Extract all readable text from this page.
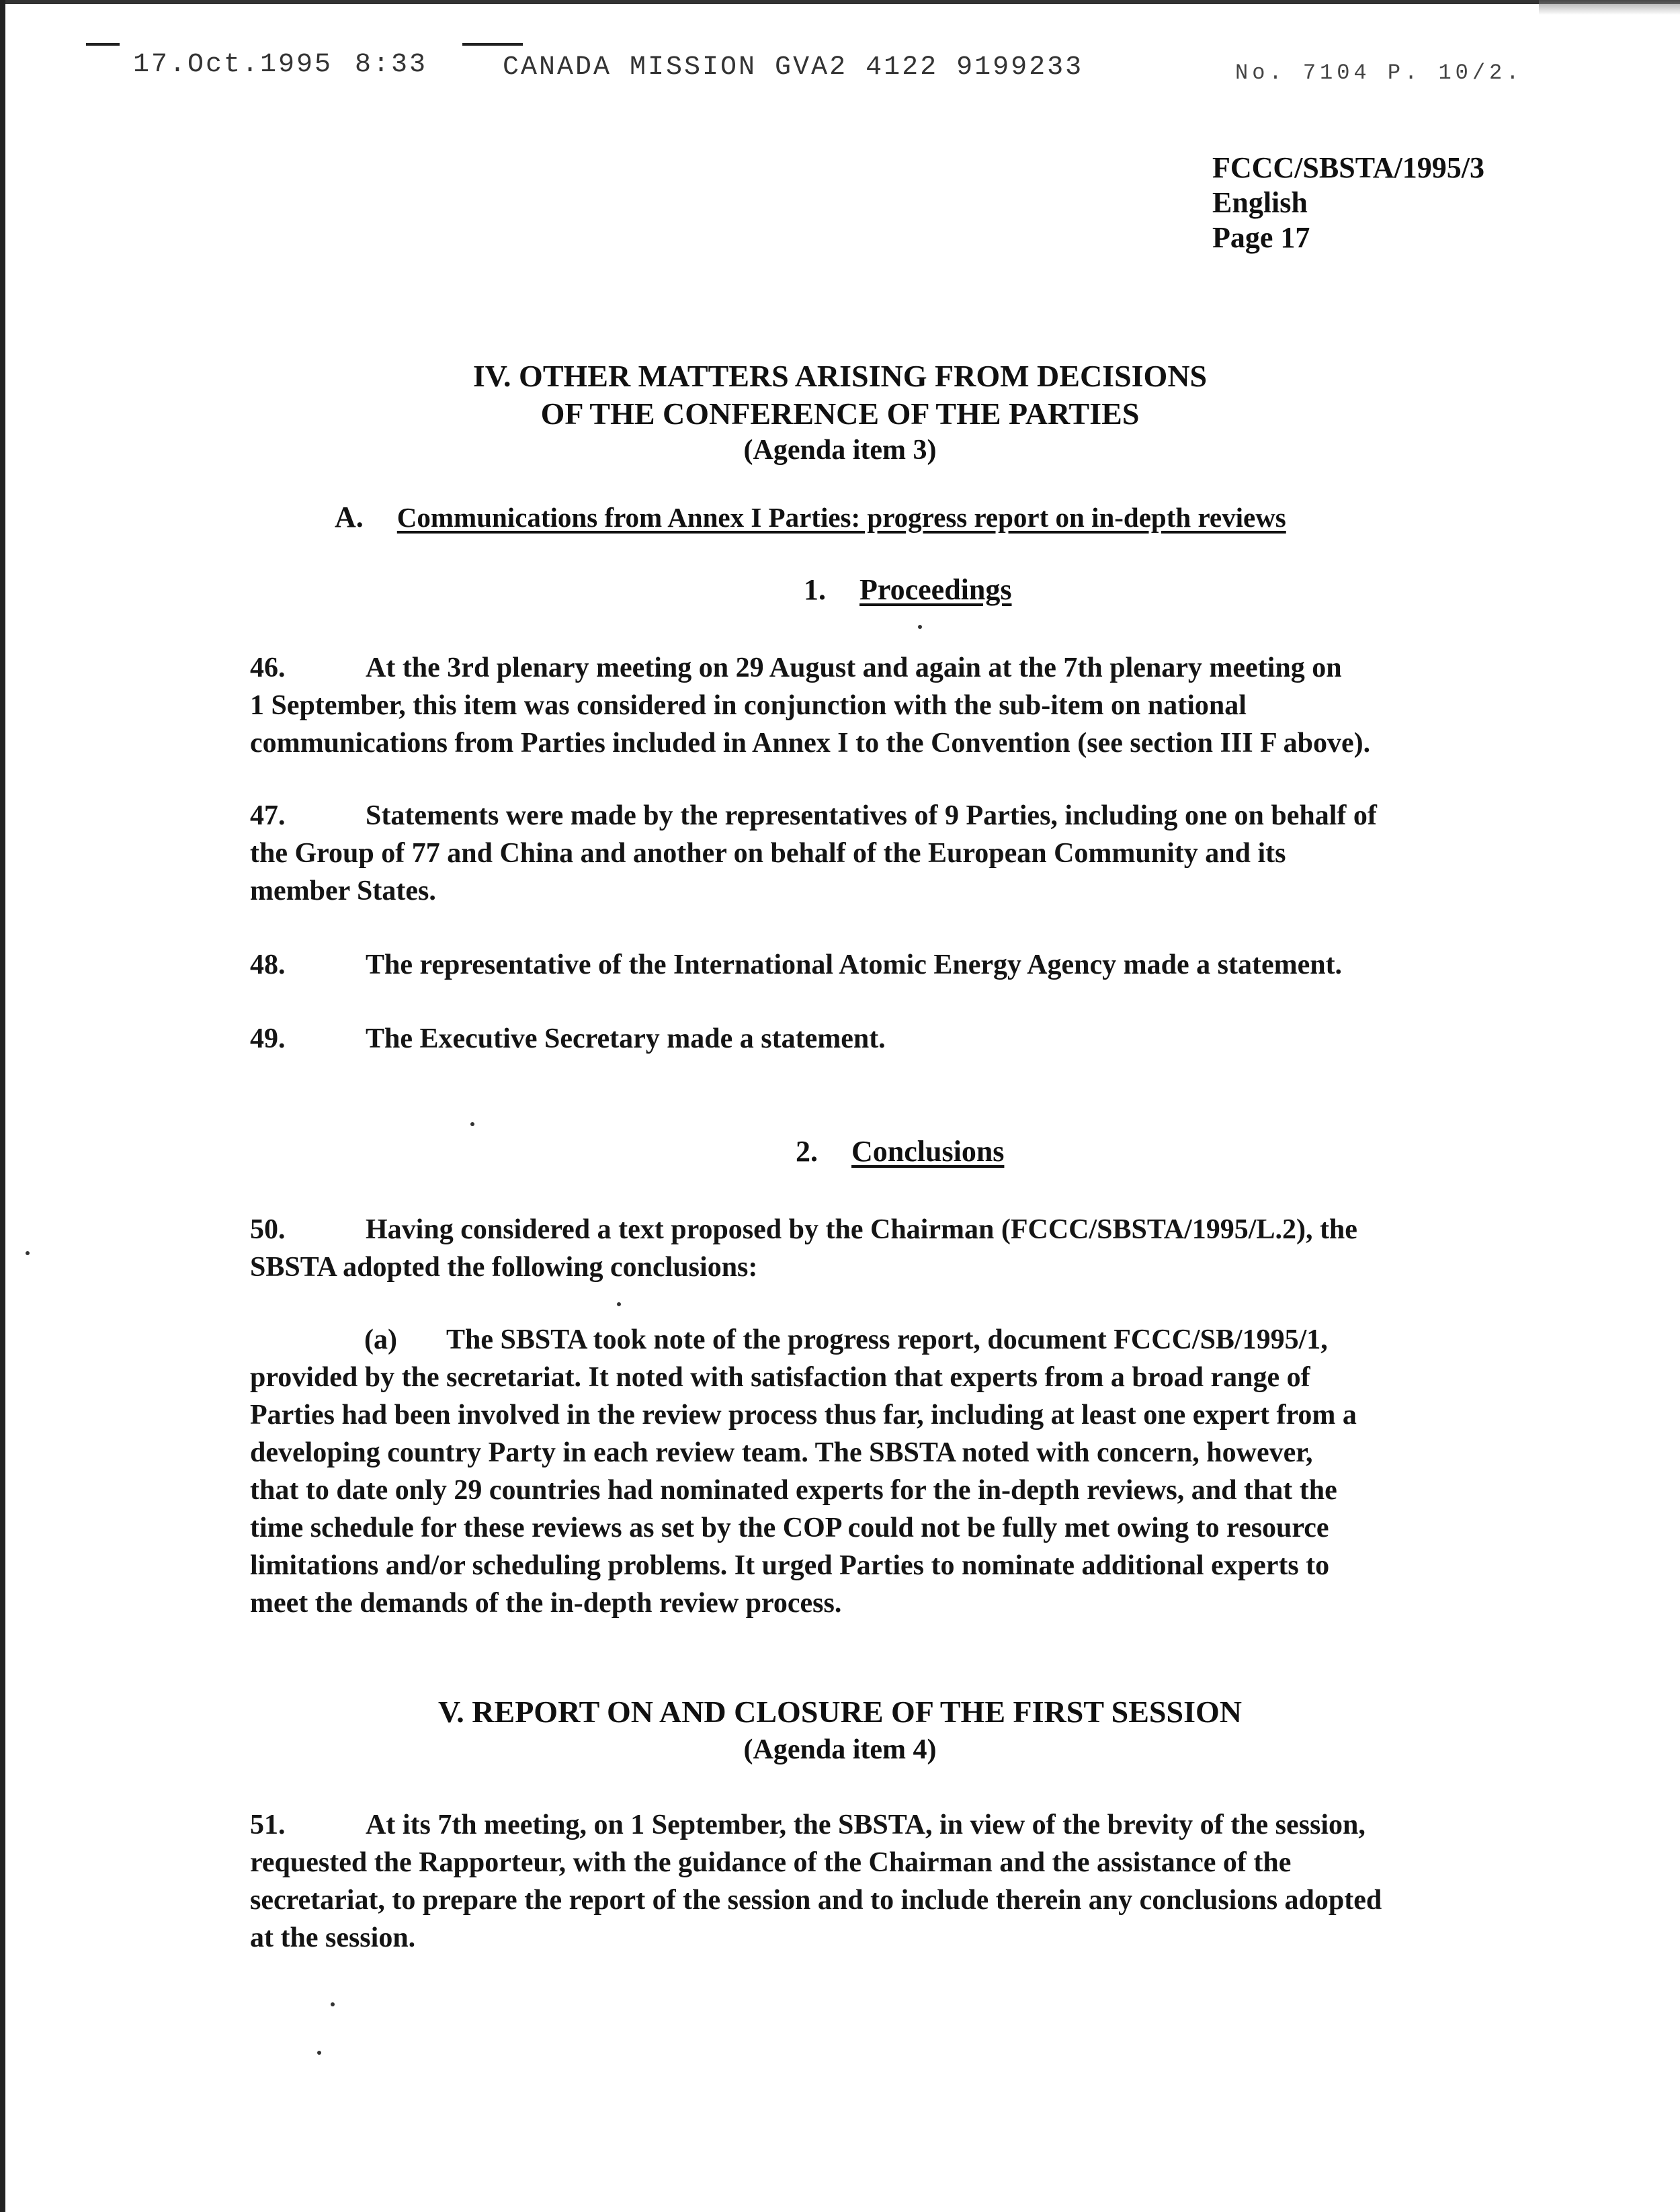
17.Oct.1995 8:33	CANADA MISSION GVA2 4122 9199233	No. 7104 P. 10/2.
FCCC/SBSTA/1995/3
English
Page 17
IV. OTHER MATTERS ARISING FROM DECISIONS
OF THE CONFERENCE OF THE PARTIES
(Agenda item 3)
A. Communications from Annex I Parties: progress report on in-depth reviews
1. Proceedings
46.	At the 3rd plenary meeting on 29 August and again at the 7th plenary meeting on
1 September, this item was considered in conjunction with the sub-item on national
communications from Parties included in Annex I to the Convention (see section III F above).
47.	Statements were made by the representatives of 9 Parties, including one on behalf of
the Group of 77 and China and another on behalf of the European Community and its
member States.
48.	The representative of the International Atomic Energy Agency made a statement.
49.	The Executive Secretary made a statement.
2. Conclusions
50.	Having considered a text proposed by the Chairman (FCCC/SBSTA/1995/L.2), the
SBSTA adopted the following conclusions:
(a) The SBSTA took note of the progress report, document FCCC/SB/1995/1,
provided by the secretariat. It noted with satisfaction that experts from a broad range of
Parties had been involved in the review process thus far, including at least one expert from a
developing country Party in each review team. The SBSTA noted with concern, however,
that to date only 29 countries had nominated experts for the in-depth reviews, and that the
time schedule for these reviews as set by the COP could not be fully met owing to resource
limitations and/or scheduling problems. It urged Parties to nominate additional experts to
meet the demands of the in-depth review process.
V. REPORT ON AND CLOSURE OF THE FIRST SESSION
(Agenda item 4)
51.	At its 7th meeting, on 1 September, the SBSTA, in view of the brevity of the session,
requested the Rapporteur, with the guidance of the Chairman and the assistance of the
secretariat, to prepare the report of the session and to include therein any conclusions adopted
at the session.
